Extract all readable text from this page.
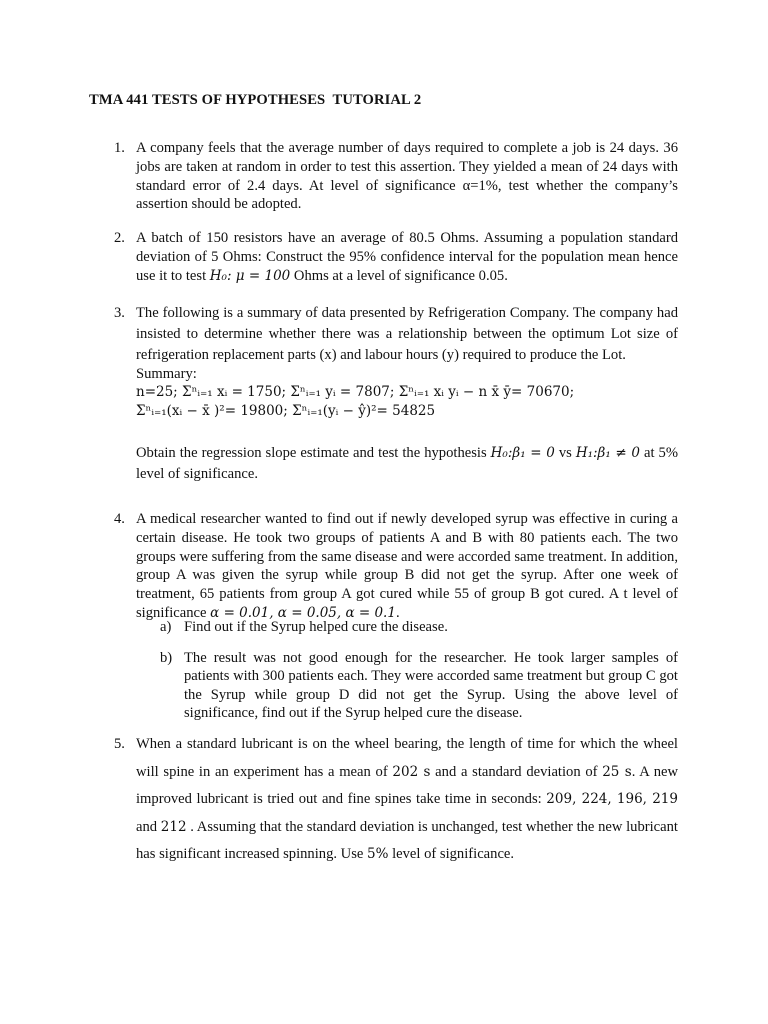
TMA 441 TESTS OF HYPOTHESES  TUTORIAL 2
1. A company feels that the average number of days required to complete a job is 24 days. 36 jobs are taken at random in order to test this assertion. They yielded a mean of 24 days with standard error of 2.4 days. At level of significance α=1%, test whether the company’s assertion should be adopted.

2. A batch of 150 resistors have an average of 80.5 Ohms. Assuming a population standard deviation of 5 Ohms: Construct the 95% confidence interval for the population mean hence use it to test H₀: μ = 100 Ohms at a level of significance 0.05.

3. The following is a summary of data presented by Refrigeration Company. The company had insisted to determine whether there was a relationship between the optimum Lot size of refrigeration replacement parts (x) and labour hours (y) required to produce the Lot.

Summary:

n=25; Σⁿᵢ₌₁ xᵢ = 1750; Σⁿᵢ₌₁ yᵢ = 7807; Σⁿᵢ₌₁ xᵢ yᵢ − n x̄ ȳ= 70670;

Σⁿᵢ₌₁(xᵢ − x̄ )²= 19800; Σⁿᵢ₌₁(yᵢ − ŷ)²= 54825

Obtain the regression slope estimate and test the hypothesis H₀:β₁ = 0 vs H₁:β₁ ≠ 0 at 5% level of significance.

4. A medical researcher wanted to find out if newly developed syrup was effective in curing a certain disease. He took two groups of patients A and B with 80 patients each. The two groups were suffering from the same disease and were accorded same treatment. In addition, group A was given the syrup while group B did not get the syrup. After one week of treatment, 65 patients from group A got cured while 55 of group B got cured. A t level of significance α = 0.01, α = 0.05, α = 0.1.

a) Find out if the Syrup helped cure the disease.
b) The result was not good enough for the researcher. He took larger samples of patients with 300 patients each. They were accorded same treatment but group C got the Syrup while group D did not get the Syrup. Using the above level of significance, find out if the Syrup helped cure the disease.
5. When a standard lubricant is on the wheel bearing, the length of time for which the wheel will spine in an experiment has a mean of 202 s and a standard deviation of 25 s. A new improved lubricant is tried out and fine spines take time in seconds: 209, 224, 196, 219 and 212 . Assuming that the standard deviation is unchanged, test whether the new lubricant has significant increased spinning. Use 5% level of significance.
